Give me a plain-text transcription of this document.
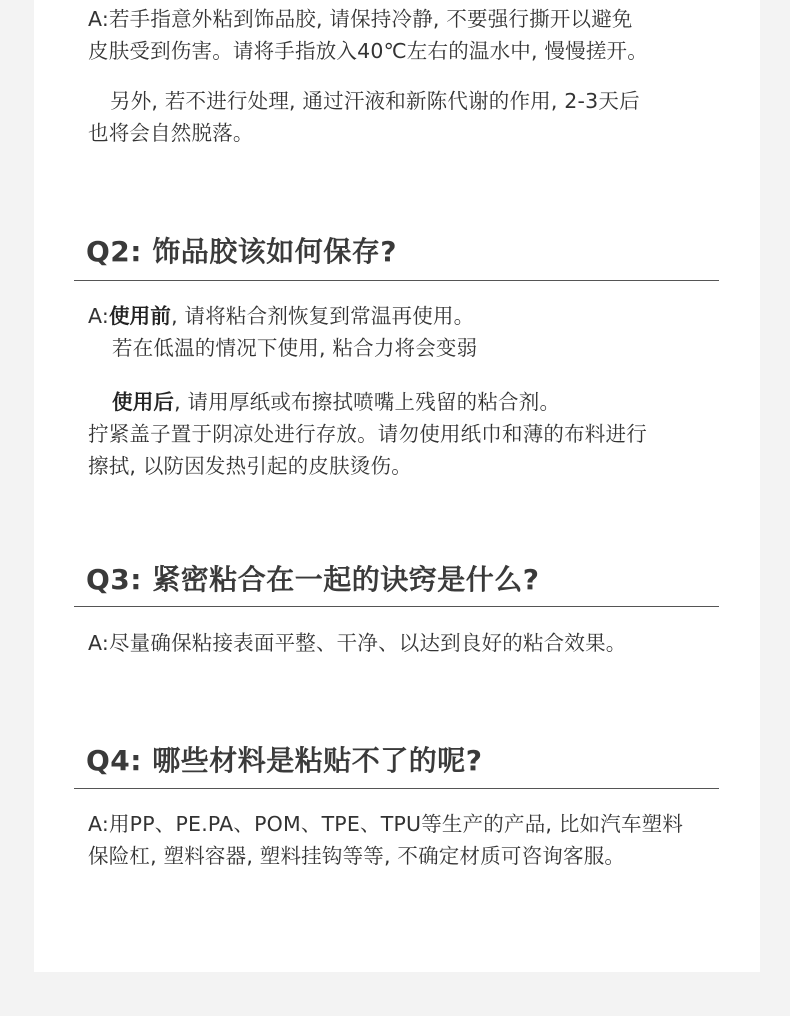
A:若手指意外粘到饰品胶, 请保持冷静, 不要强行撕开以避免
皮肤受到伤害。请将手指放入40℃左右的温水中, 慢慢搓开。
另外, 若不进行处理, 通过汗液和新陈代谢的作用, 2-3天后
也将会自然脱落。
Q2: 饰品胶该如何保存?
A:使用前, 请将粘合剂恢复到常温再使用。
若在低温的情况下使用, 粘合力将会变弱
使用后, 请用厚纸或布擦拭喷嘴上残留的粘合剂。
拧紧盖子置于阴凉处进行存放。请勿使用纸巾和薄的布料进行
擦拭, 以防因发热引起的皮肤烫伤。
Q3: 紧密粘合在一起的诀窍是什么?
A:尽量确保粘接表面平整、干净、以达到良好的粘合效果。
Q4: 哪些材料是粘贴不了的呢?
A:用PP、PE.PA、POM、TPE、TPU等生产的产品, 比如汽车塑料
保险杠, 塑料容器, 塑料挂钩等等, 不确定材质可咨询客服。
